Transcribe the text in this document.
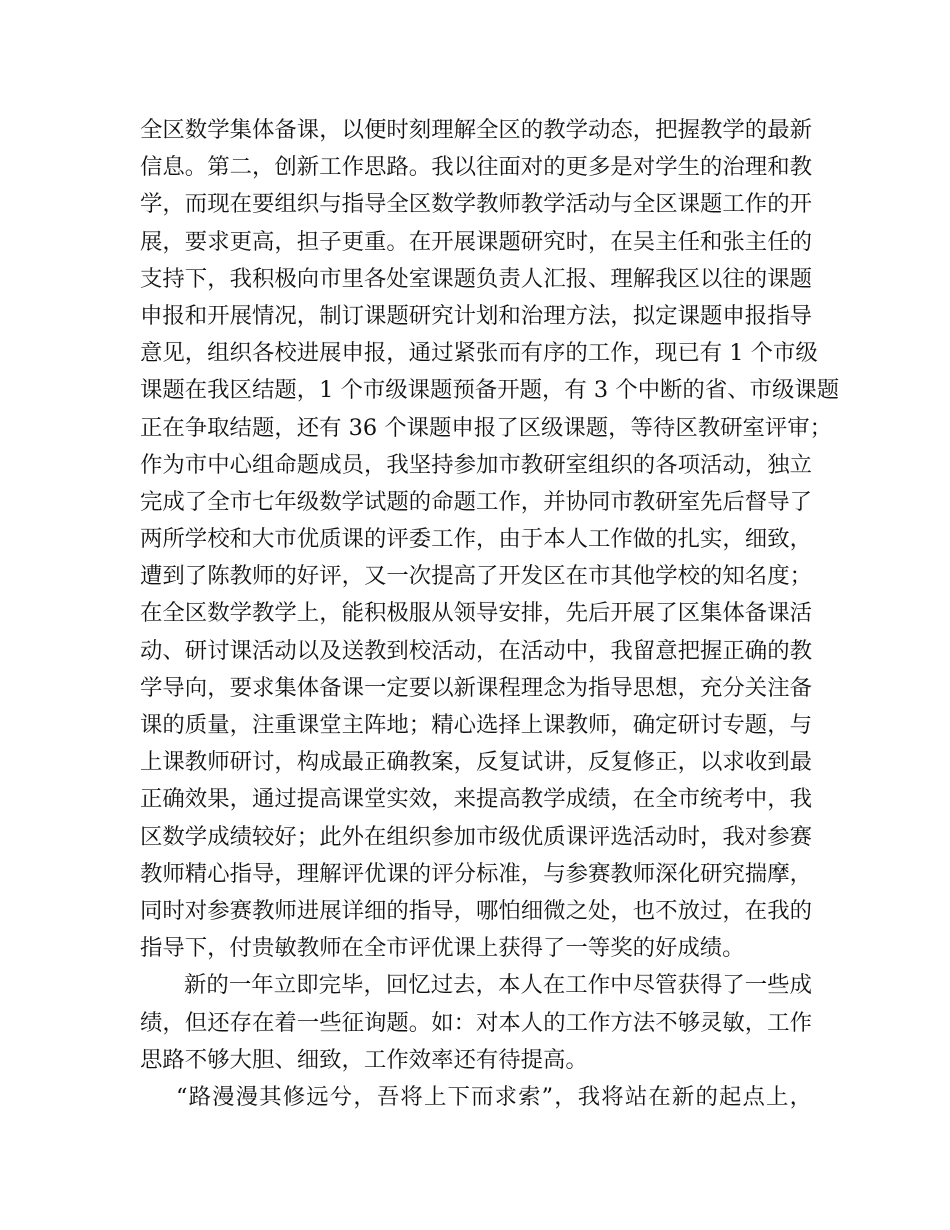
全区数学集体备课，以便时刻理解全区的教学动态，把握教学的最新
信息。第二，创新工作思路。我以往面对的更多是对学生的治理和教
学，而现在要组织与指导全区数学教师教学活动与全区课题工作的开
展，要求更高，担子更重。在开展课题研究时，在吴主任和张主任的
支持下，我积极向市里各处室课题负责人汇报、理解我区以往的课题
申报和开展情况，制订课题研究计划和治理方法，拟定课题申报指导
意见，组织各校进展申报，通过紧张而有序的工作，现已有 1 个市级
课题在我区结题，1 个市级课题预备开题，有 3 个中断的省、市级课题
正在争取结题，还有 36 个课题申报了区级课题，等待区教研室评审；
作为市中心组命题成员，我坚持参加市教研室组织的各项活动，独立
完成了全市七年级数学试题的命题工作，并协同市教研室先后督导了
两所学校和大市优质课的评委工作，由于本人工作做的扎实，细致，
遭到了陈教师的好评，又一次提高了开发区在市其他学校的知名度；
在全区数学教学上，能积极服从领导安排，先后开展了区集体备课活
动、研讨课活动以及送教到校活动，在活动中，我留意把握正确的教
学导向，要求集体备课一定要以新课程理念为指导思想，充分关注备
课的质量，注重课堂主阵地；精心选择上课教师，确定研讨专题，与
上课教师研讨，构成最正确教案，反复试讲，反复修正，以求收到最
正确效果，通过提高课堂实效，来提高教学成绩，在全市统考中，我
区数学成绩较好；此外在组织参加市级优质课评选活动时，我对参赛
教师精心指导，理解评优课的评分标准，与参赛教师深化研究揣摩，
同时对参赛教师进展详细的指导，哪怕细微之处，也不放过，在我的
指导下，付贵敏教师在全市评优课上获得了一等奖的好成绩。
新的一年立即完毕，回忆过去，本人在工作中尽管获得了一些成
绩，但还存在着一些征询题。如：对本人的工作方法不够灵敏，工作
思路不够大胆、细致，工作效率还有待提高。
“路漫漫其修远兮，吾将上下而求索”，我将站在新的起点上，
